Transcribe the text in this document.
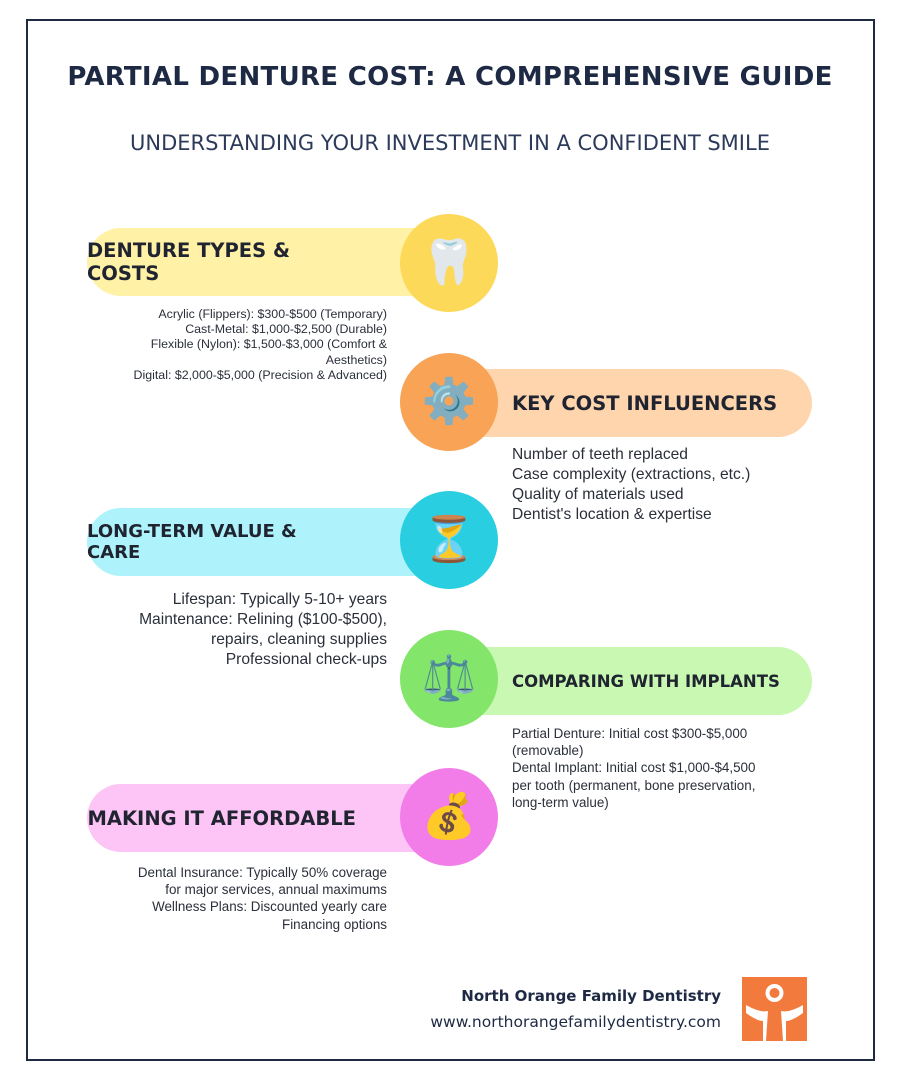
PARTIAL DENTURE COST: A COMPREHENSIVE GUIDE
UNDERSTANDING YOUR INVESTMENT IN A CONFIDENT SMILE
DENTURE TYPES & COSTS	🦷
Acrylic (Flippers): $300-$500 (Temporary)
Cast-Metal: $1,000-$2,500 (Durable)
Flexible (Nylon): $1,500-$3,000 (Comfort &
Aesthetics)
Digital: $2,000-$5,000 (Precision & Advanced)
KEY COST INFLUENCERS
⚙️
Number of teeth replaced
Case complexity (extractions, etc.)
Quality of materials used
Dentist's location & expertise
LONG-TERM VALUE & CARE	⏳
Lifespan: Typically 5-10+ years
Maintenance: Relining ($100-$500),
repairs, cleaning supplies
Professional check-ups
COMPARING WITH IMPLANTS
⚖️
Partial Denture: Initial cost $300-$5,000
(removable)
Dental Implant: Initial cost $1,000-$4,500
per tooth (permanent, bone preservation,
long-term value)
MAKING IT AFFORDABLE 💰
Dental Insurance: Typically 50% coverage
for major services, annual maximums
Wellness Plans: Discounted yearly care
Financing options
North Orange Family Dentistry
www.northorangefamilydentistry.com
